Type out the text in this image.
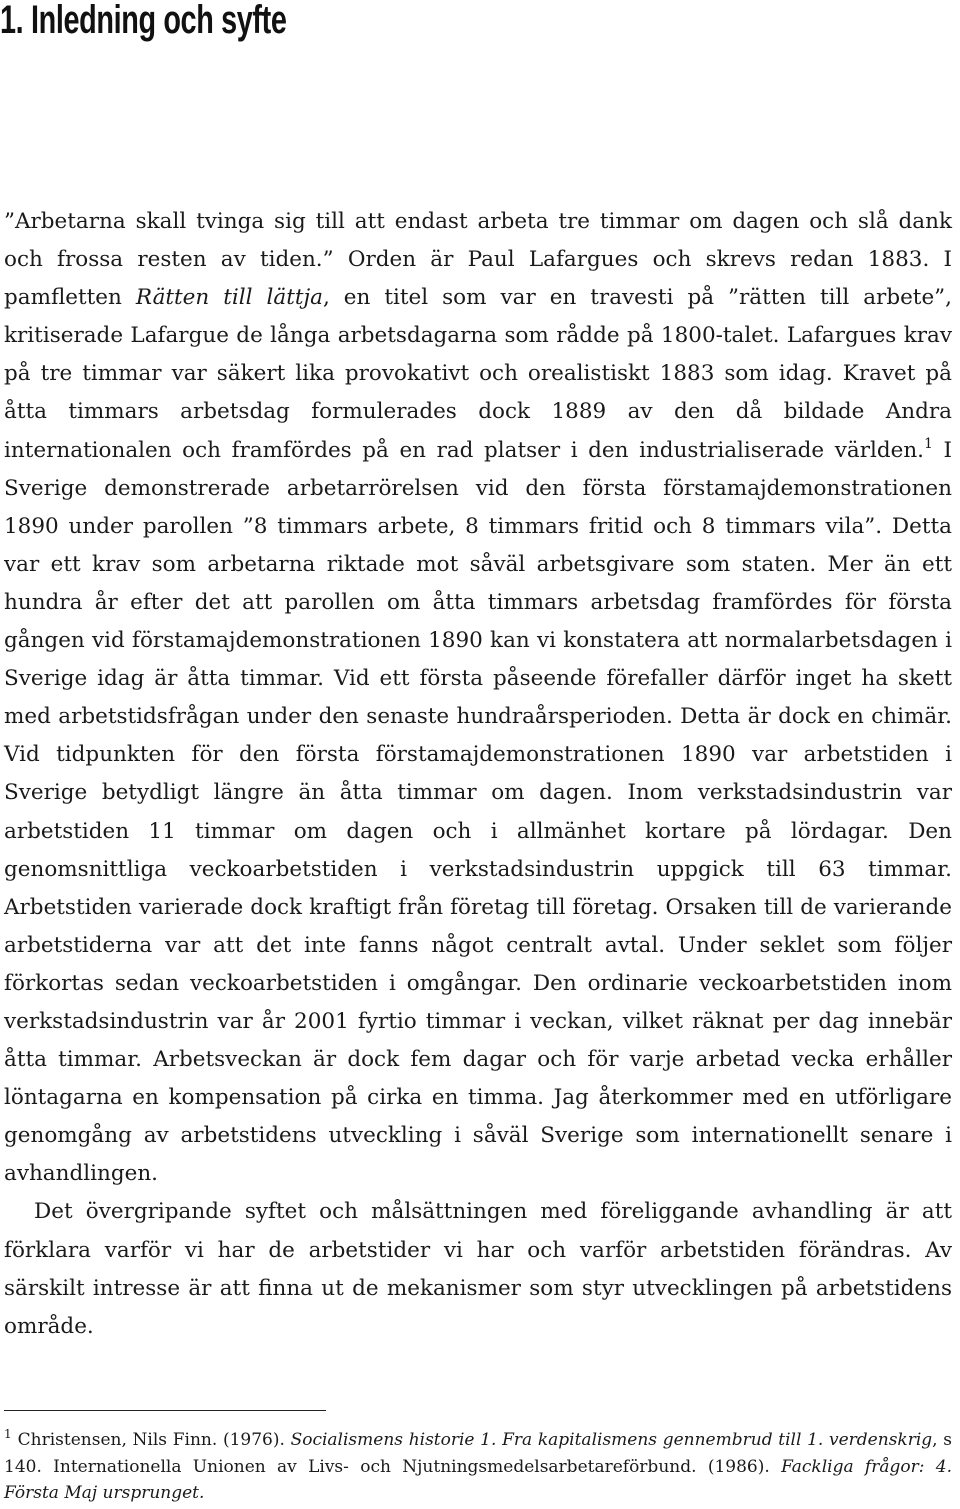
1. Inledning och syfte

”Arbetarna skall tvinga sig till att endast arbeta tre timmar om dagen och slå dank och frossa resten av tiden.” Orden är Paul Lafargues och skrevs redan 1883. I pamfletten Rätten till lättja, en titel som var en travesti på ”rätten till arbete”, kritiserade Lafargue de långa arbetsdagarna som rådde på 1800-talet. Lafargues krav på tre timmar var säkert lika provokativt och orealistiskt 1883 som idag. Kravet på åtta timmars arbetsdag formulerades dock 1889 av den då bildade Andra internationalen och framfördes på en rad platser i den industrialiserade världen.$^1$ I Sverige demonstrerade arbetarrörelsen vid den första förstamajdemonstrationen 1890 under parollen ”8 timmars arbete, 8 timmars fritid och 8 timmars vila”. Detta var ett krav som arbetarna riktade mot såväl arbetsgivare som staten. Mer än ett hundra år efter det att parollen om åtta timmars arbetsdag framfördes för första gången vid förstamajdemonstrationen 1890 kan vi konstatera att normalarbetsdagen i Sverige idag är åtta timmar. Vid ett första påseende förefaller därför inget ha skett med arbetstidsfrågan under den senaste hundraårsperioden. Detta är dock en chimär. Vid tidpunkten för den första förstamajdemonstrationen 1890 var arbetstiden i Sverige betydligt längre än åtta timmar om dagen. Inom verkstadsindustrin var arbetstiden 11 timmar om dagen och i allmänhet kortare på lördagar. Den genomsnittliga veckoarbetstiden i verkstadsindustrin uppgick till 63 timmar. Arbetstiden varierade dock kraftigt från företag till företag. Orsaken till de varierande arbetstiderna var att det inte fanns något centralt avtal. Under seklet som följer förkortas sedan veckoarbetstiden i omgångar. Den ordinarie veckoarbetstiden inom verkstadsindustrin var år 2001 fyrtio timmar i veckan, vilket räknat per dag innebär åtta timmar. Arbetsveckan är dock fem dagar och för varje arbetad vecka erhåller löntagarna en kompensation på cirka en timma. Jag återkommer med en utförligare genomgång av arbetstidens utveckling i såväl Sverige som internationellt senare i avhandlingen.

Det övergripande syftet och målsättningen med föreliggande avhandling är att förklara varför vi har de arbetstider vi har och varför arbetstiden förändras. Av särskilt intresse är att finna ut de mekanismer som styr utvecklingen på arbetstidens område.

$^1$ Christensen, Nils Finn. (1976). Socialismens historie 1. Fra kapitalismens gennembrud till 1. verdenskrig, s 140. Internationella Unionen av Livs- och Njutningsmedelsarbetareförbund. (1986). Fackliga frågor: 4. Första Maj ursprunget.
